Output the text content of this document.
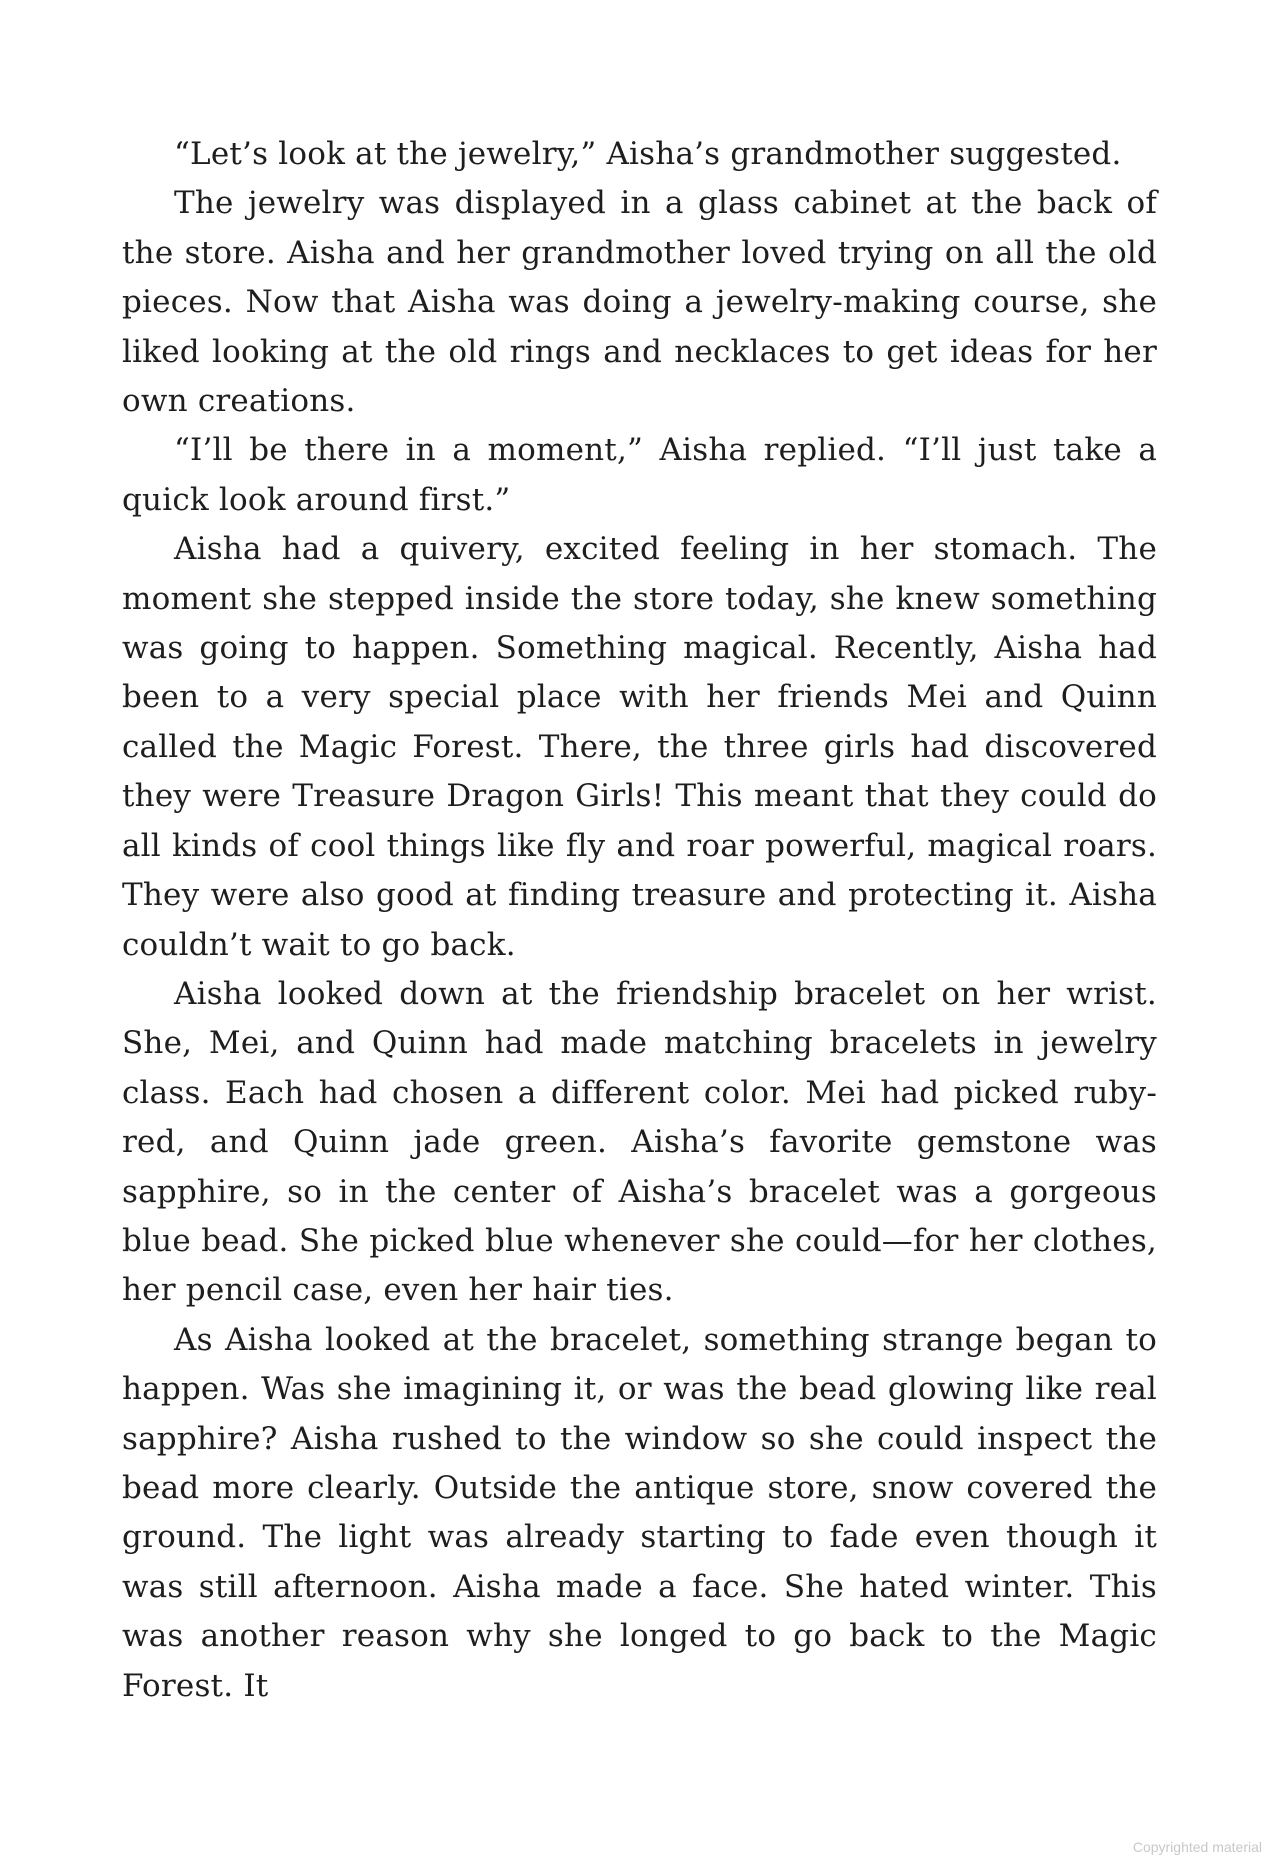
“Let’s look at the jewelry,” Aisha’s grandmother suggested.

The jewelry was displayed in a glass cabinet at the back of the store. Aisha and her grandmother loved trying on all the old pieces. Now that Aisha was doing a jewelry-making course, she liked looking at the old rings and necklaces to get ideas for her own creations.

“I’ll be there in a moment,” Aisha replied. “I’ll just take a quick look around first.”

Aisha had a quivery, excited feeling in her stomach. The moment she stepped inside the store today, she knew something was going to happen. Something magical. Recently, Aisha had been to a very special place with her friends Mei and Quinn called the Magic Forest. There, the three girls had discovered they were Treasure Dragon Girls! This meant that they could do all kinds of cool things like fly and roar powerful, magical roars. They were also good at finding treasure and protecting it. Aisha couldn’t wait to go back.

Aisha looked down at the friendship bracelet on her wrist. She, Mei, and Quinn had made matching bracelets in jewelry class. Each had chosen a different color. Mei had picked ruby-red, and Quinn jade green. Aisha’s favorite gemstone was sapphire, so in the center of Aisha’s bracelet was a gorgeous blue bead. She picked blue whenever she could—for her clothes, her pencil case, even her hair ties.

As Aisha looked at the bracelet, something strange began to happen. Was she imagining it, or was the bead glowing like real sapphire? Aisha rushed to the window so she could inspect the bead more clearly. Outside the antique store, snow covered the ground. The light was already starting to fade even though it was still afternoon. Aisha made a face. She hated winter. This was another reason why she longed to go back to the Magic Forest. It

Copyrighted material
